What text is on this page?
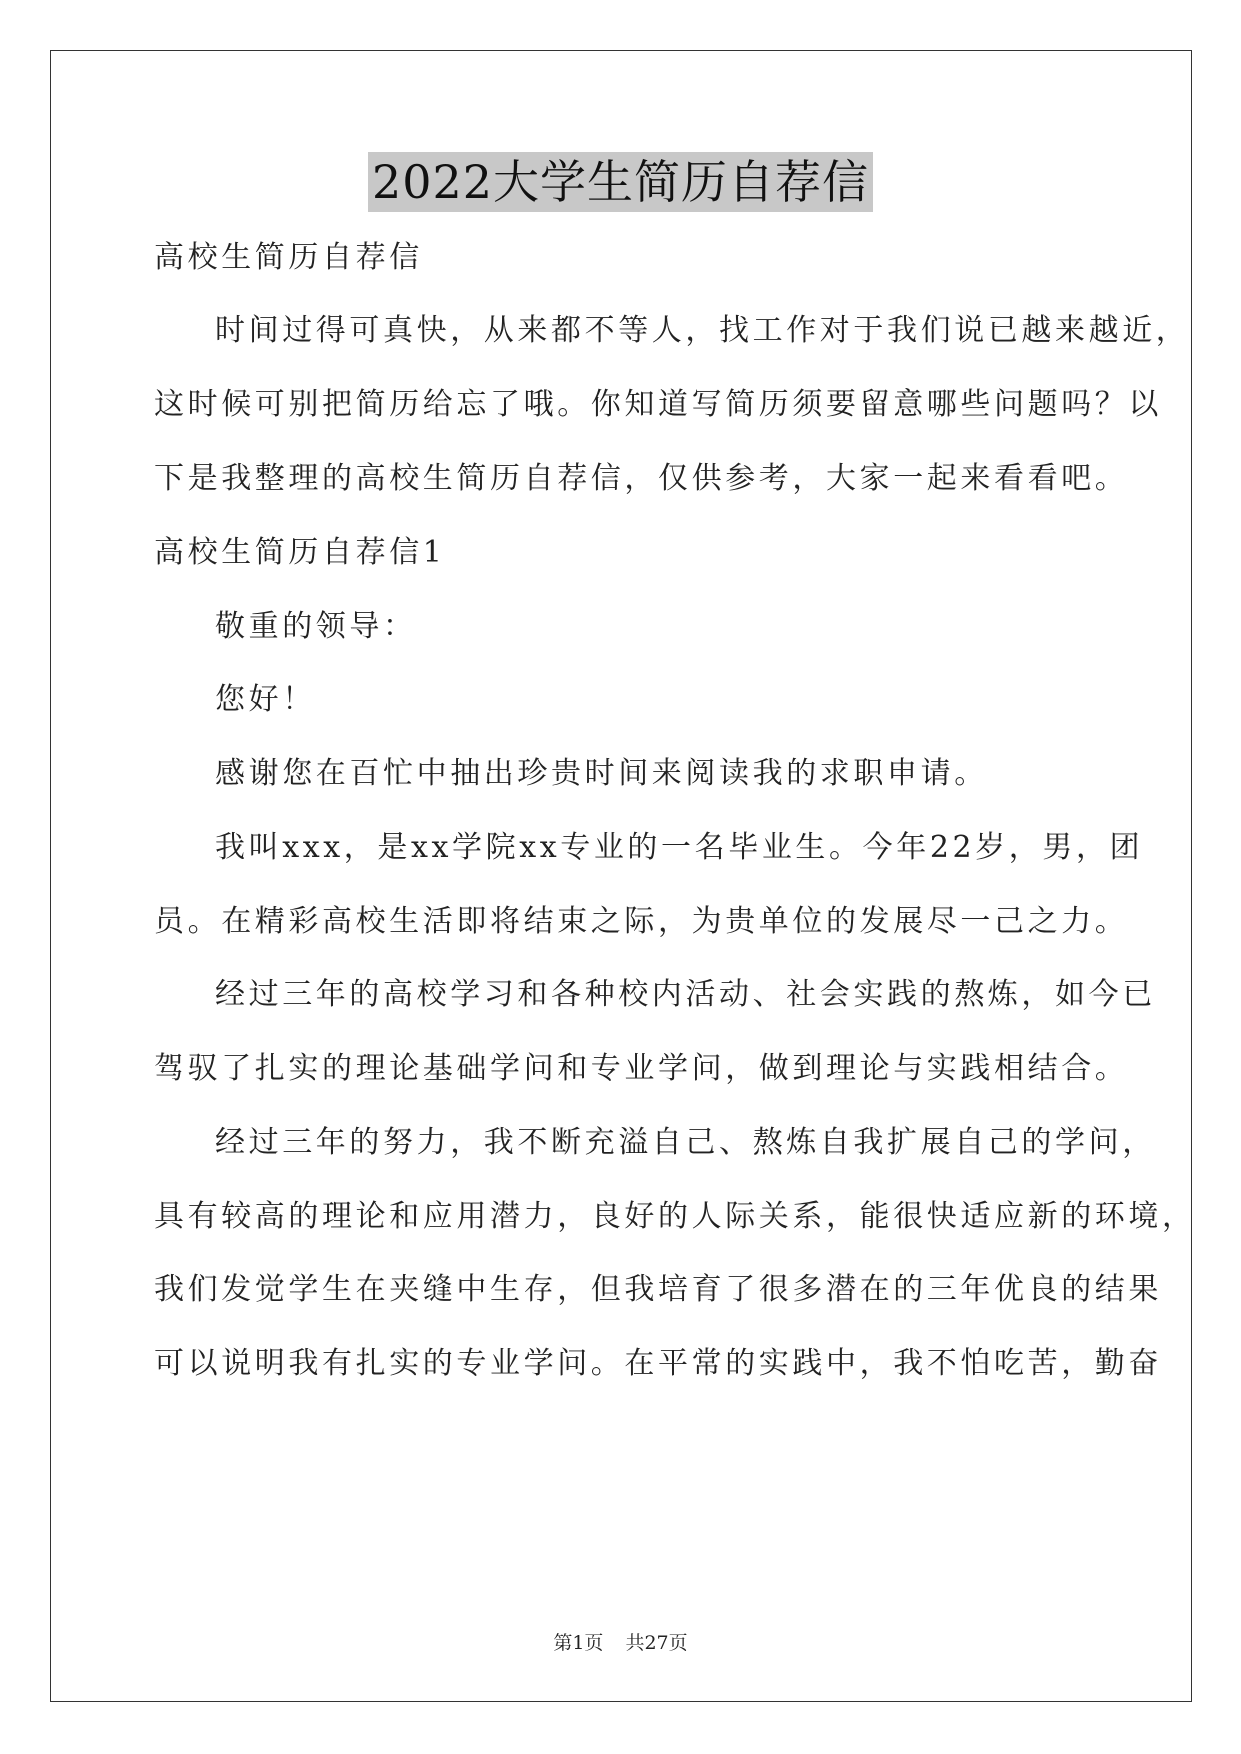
2022大学生简历自荐信
高校生简历自荐信
时间过得可真快，从来都不等人，找工作对于我们说已越来越近，
这时候可别把简历给忘了哦。你知道写简历须要留意哪些问题吗？以
下是我整理的高校生简历自荐信，仅供参考，大家一起来看看吧。
高校生简历自荐信1
敬重的领导：
您好！
感谢您在百忙中抽出珍贵时间来阅读我的求职申请。
我叫xxx，是xx学院xx专业的一名毕业生。今年22岁，男，团
员。在精彩高校生活即将结束之际，为贵单位的发展尽一己之力。
经过三年的高校学习和各种校内活动、社会实践的熬炼，如今已
驾驭了扎实的理论基础学问和专业学问，做到理论与实践相结合。
经过三年的努力，我不断充溢自己、熬炼自我扩展自己的学问，
具有较高的理论和应用潜力，良好的人际关系，能很快适应新的环境，
我们发觉学生在夹缝中生存，但我培育了很多潜在的三年优良的结果
可以说明我有扎实的专业学问。在平常的实践中，我不怕吃苦，勤奋
第1页 共27页
